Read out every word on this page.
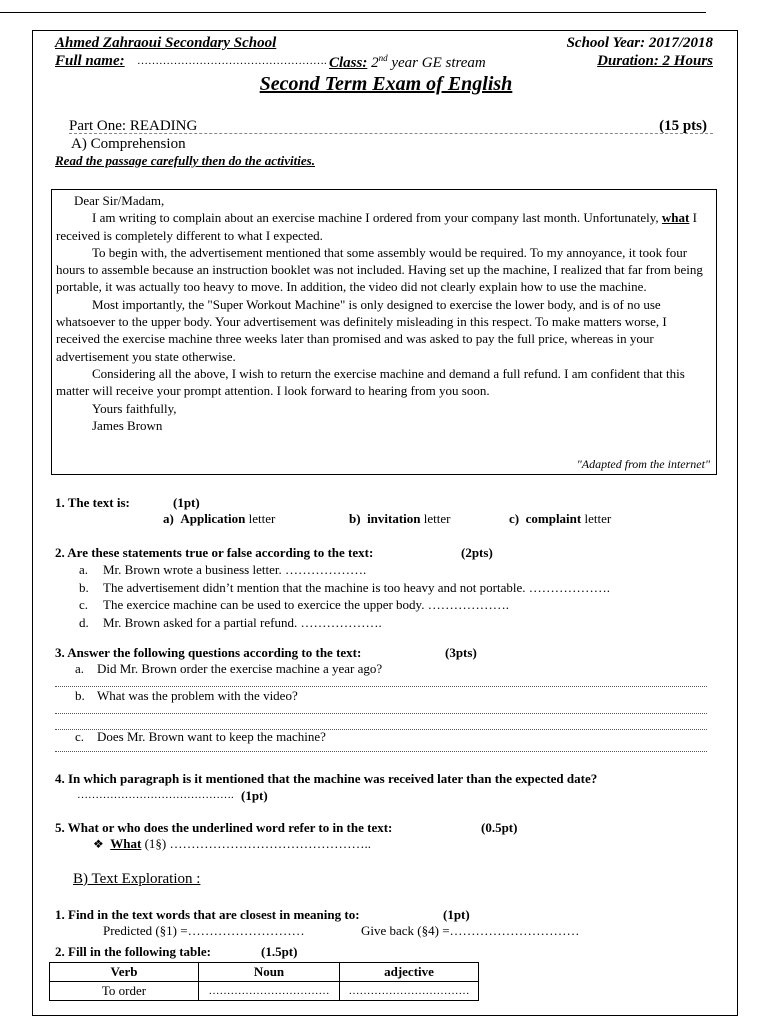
Ahmed Zahraoui Secondary School	School Year: 2017/2018
Full name: ……………………………………………. Class: 2nd year GE stream	Duration: 2 Hours
Second Term Exam of English
Part One: READING	(15 pts)
A) Comprehension
Read the passage carefully then do the activities.

Dear Sir/Madam,

I am writing to complain about an exercise machine I ordered from your company last month. Unfortunately, what I received is completely different to what I expected.

To begin with, the advertisement mentioned that some assembly would be required. To my annoyance, it took four hours to assemble because an instruction booklet was not included. Having set up the machine, I realized that far from being portable, it was actually too heavy to move. In addition, the video did not clearly explain how to use the machine.

Most importantly, the "Super Workout Machine" is only designed to exercise the lower body, and is of no use whatsoever to the upper body. Your advertisement was definitely misleading in this respect. To make matters worse, I received the exercise machine three weeks later than promised and was asked to pay the full price, whereas in your advertisement you state otherwise.

Considering all the above, I wish to return the exercise machine and demand a full refund. I am confident that this matter will receive your prompt attention. I look forward to hearing from you soon.

Yours faithfully,

James Brown

"Adapted from the internet"
1. The text is:	(1pt)
a) Application letter	b) invitation letter	c) complaint letter
2. Are these statements true or false according to the text:	(2pts)
a. Mr. Brown wrote a business letter. ……………….
b. The advertisement didn’t mention that the machine is too heavy and not portable. ……………….
c. The exercice machine can be used to exercice the upper body. ……………….
d. Mr. Brown asked for a partial refund. ……………….
3. Answer the following questions according to the text:	(3pts)
a. Did Mr. Brown order the exercise machine a year ago?
b. What was the problem with the video?
c. Does Mr. Brown want to keep the machine?
4. In which paragraph is it mentioned that the machine was received later than the expected date?
……………………………………. (1pt)
5. What or who does the underlined word refer to in the text:	(0.5pt)
❖ What (1§) ………………………………………..
B) Text Exploration :
1. Find in the text words that are closest in meaning to:	(1pt)
Predicted (§1) =………………………	Give back (§4) =…………………………
2. Fill in the following table:	(1.5pt)
Verb	Noun	adjective
To order	……………………………	……………………………
